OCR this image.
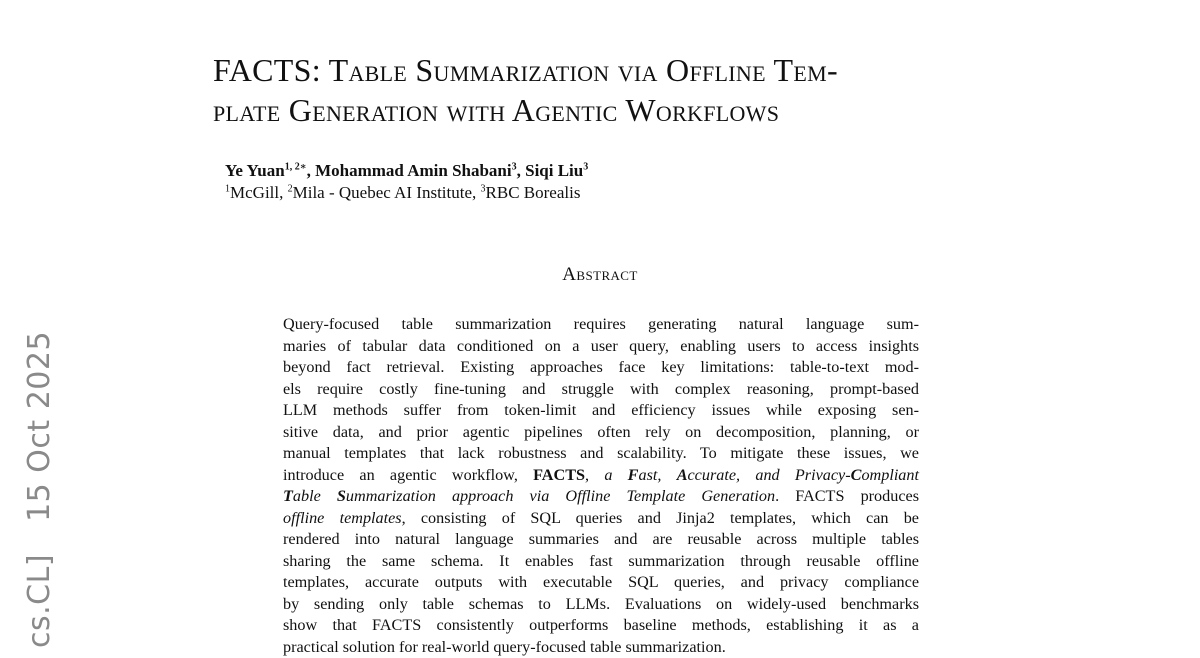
cs.CL] 15 Oct 2025
FACTS: Table Summarization via Offline Tem-
plate Generation with Agentic Workflows
Ye Yuan$^{1, 2∗}$, Mohammad Amin Shabani$^3$, Siqi Liu$^3$
$^1$McGill, $^2$Mila - Quebec AI Institute, $^3$RBC Borealis
Abstract
Query-focused table summarization requires generating natural language sum-
maries of tabular data conditioned on a user query, enabling users to access insights
beyond fact retrieval. Existing approaches face key limitations: table-to-text mod-
els require costly fine-tuning and struggle with complex reasoning, prompt-based
LLM methods suffer from token-limit and efficiency issues while exposing sen-
sitive data, and prior agentic pipelines often rely on decomposition, planning, or
manual templates that lack robustness and scalability. To mitigate these issues, we
introduce an agentic workflow, FACTS, a Fast, Accurate, and Privacy-Compliant
Table Summarization approach via Offline Template Generation. FACTS produces
offline templates, consisting of SQL queries and Jinja2 templates, which can be
rendered into natural language summaries and are reusable across multiple tables
sharing the same schema. It enables fast summarization through reusable offline
templates, accurate outputs with executable SQL queries, and privacy compliance
by sending only table schemas to LLMs. Evaluations on widely-used benchmarks
show that FACTS consistently outperforms baseline methods, establishing it as a
practical solution for real-world query-focused table summarization.
